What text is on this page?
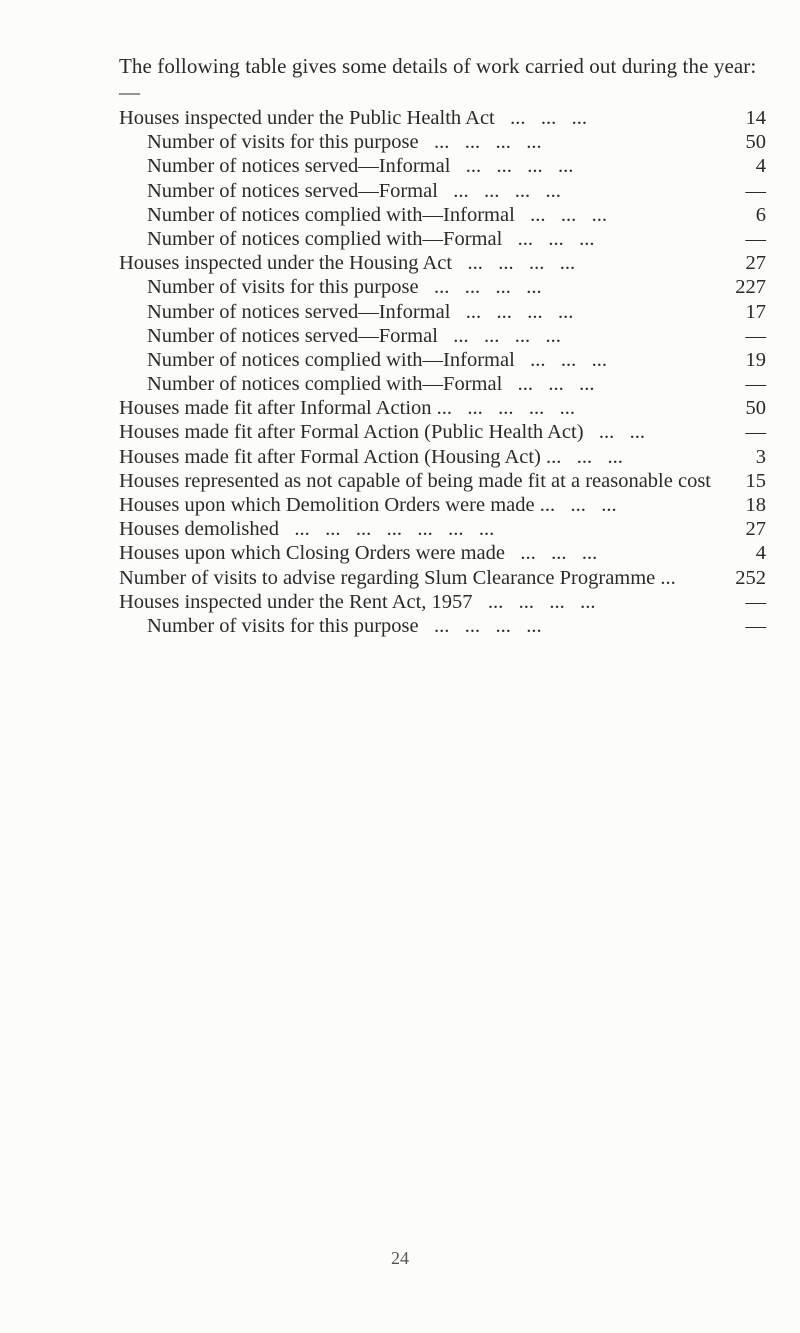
The following table gives some details of work carried out during the year:—
Houses inspected under the Public Health Act   ...   ...   ...	14
Number of visits for this purpose   ...   ...   ...   ...	50
Number of notices served—Informal   ...   ...   ...   ...	4
Number of notices served—Formal   ...   ...   ...   ...	—
Number of notices complied with—Informal   ...   ...   ...	6
Number of notices complied with—Formal   ...   ...   ...	—
Houses inspected under the Housing Act   ...   ...   ...   ...	27
Number of visits for this purpose   ...   ...   ...   ...	227
Number of notices served—Informal   ...   ...   ...   ...	17
Number of notices served—Formal   ...   ...   ...   ...	—
Number of notices complied with—Informal   ...   ...   ...	19
Number of notices complied with—Formal   ...   ...   ...	—
Houses made fit after Informal Action ...   ...   ...   ...   ...	50
Houses made fit after Formal Action (Public Health Act)   ...   ...	—
Houses made fit after Formal Action (Housing Act) ...   ...   ...	3
Houses represented as not capable of being made fit at a reasonable cost	15
Houses upon which Demolition Orders were made ...   ...   ...	18
Houses demolished   ...   ...   ...   ...   ...   ...   ...	27
Houses upon which Closing Orders were made   ...   ...   ...	4
Number of visits to advise regarding Slum Clearance Programme ...	252
Houses inspected under the Rent Act, 1957   ...   ...   ...   ...	—
Number of visits for this purpose   ...   ...   ...   ...	—
24
